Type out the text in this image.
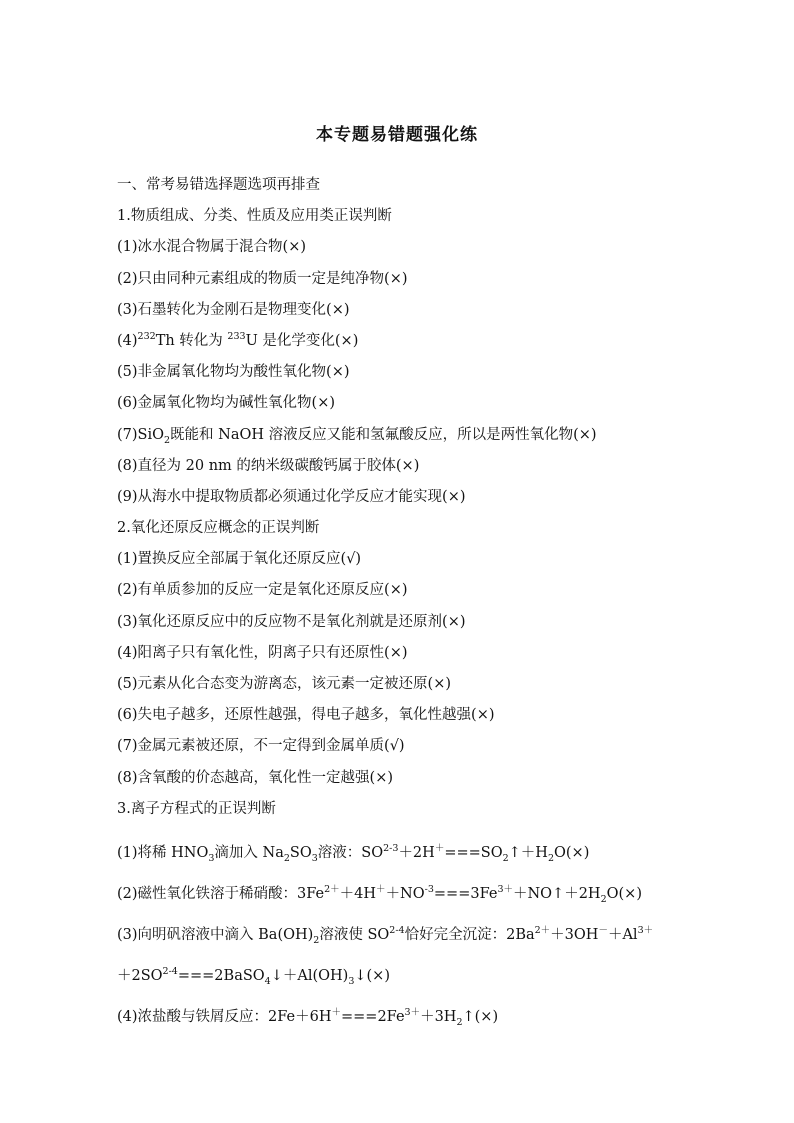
本专题易错题强化练
一、常考易错选择题选项再排查
1.物质组成、分类、性质及应用类正误判断
(1)冰水混合物属于混合物(×)
(2)只由同种元素组成的物质一定是纯净物(×)
(3)石墨转化为金刚石是物理变化(×)
$(4)^{232}Th$ 转化为 $^{233}$U 是化学变化(×)
(5)非金属氧化物均为酸性氧化物(×)
(6)金属氧化物均为碱性氧化物(×)
(7)SiO$_2$既能和 NaOH 溶液反应又能和氢氟酸反应，所以是两性氧化物(×)
(8)直径为 20 nm 的纳米级碳酸钙属于胶体(×)
(9)从海水中提取物质都必须通过化学反应才能实现(×)
2.氧化还原反应概念的正误判断
(1)置换反应全部属于氧化还原反应(√)
(2)有单质参加的反应一定是氧化还原反应(×)
(3)氧化还原反应中的反应物不是氧化剂就是还原剂(×)
(4)阳离子只有氧化性，阴离子只有还原性(×)
(5)元素从化合态变为游离态，该元素一定被还原(×)
(6)失电子越多，还原性越强，得电子越多，氧化性越强(×)
(7)金属元素被还原，不一定得到金属单质(√)
(8)含氧酸的价态越高，氧化性一定越强(×)
3.离子方程式的正误判断
(1)将稀 $HNO_3$滴加入 $Na_2SO_3$溶液：$SO^{2-3}+2H^+===SO_2↑+H_2O(\times)$
(2)磁性氧化铁溶于稀硝酸：$3Fe^{2+}+4H^++NO^{-3}===3Fe^{3+}+NO↑+2H_2O(\times)$
(3)向明矾溶液中滴入 $Ba(OH)_2$溶液使 SO$^{2-4}$恰好完全沉淀：$2Ba^{2+}+3OH^-+Al^{3+}$
$+2SO^{2-4}===2BaSO_4↓+Al(OH)_3↓(\times)$
(4)浓盐酸与铁屑反应：$2Fe+6H^+===2Fe^{3+}+3H_2↑(\times)$
